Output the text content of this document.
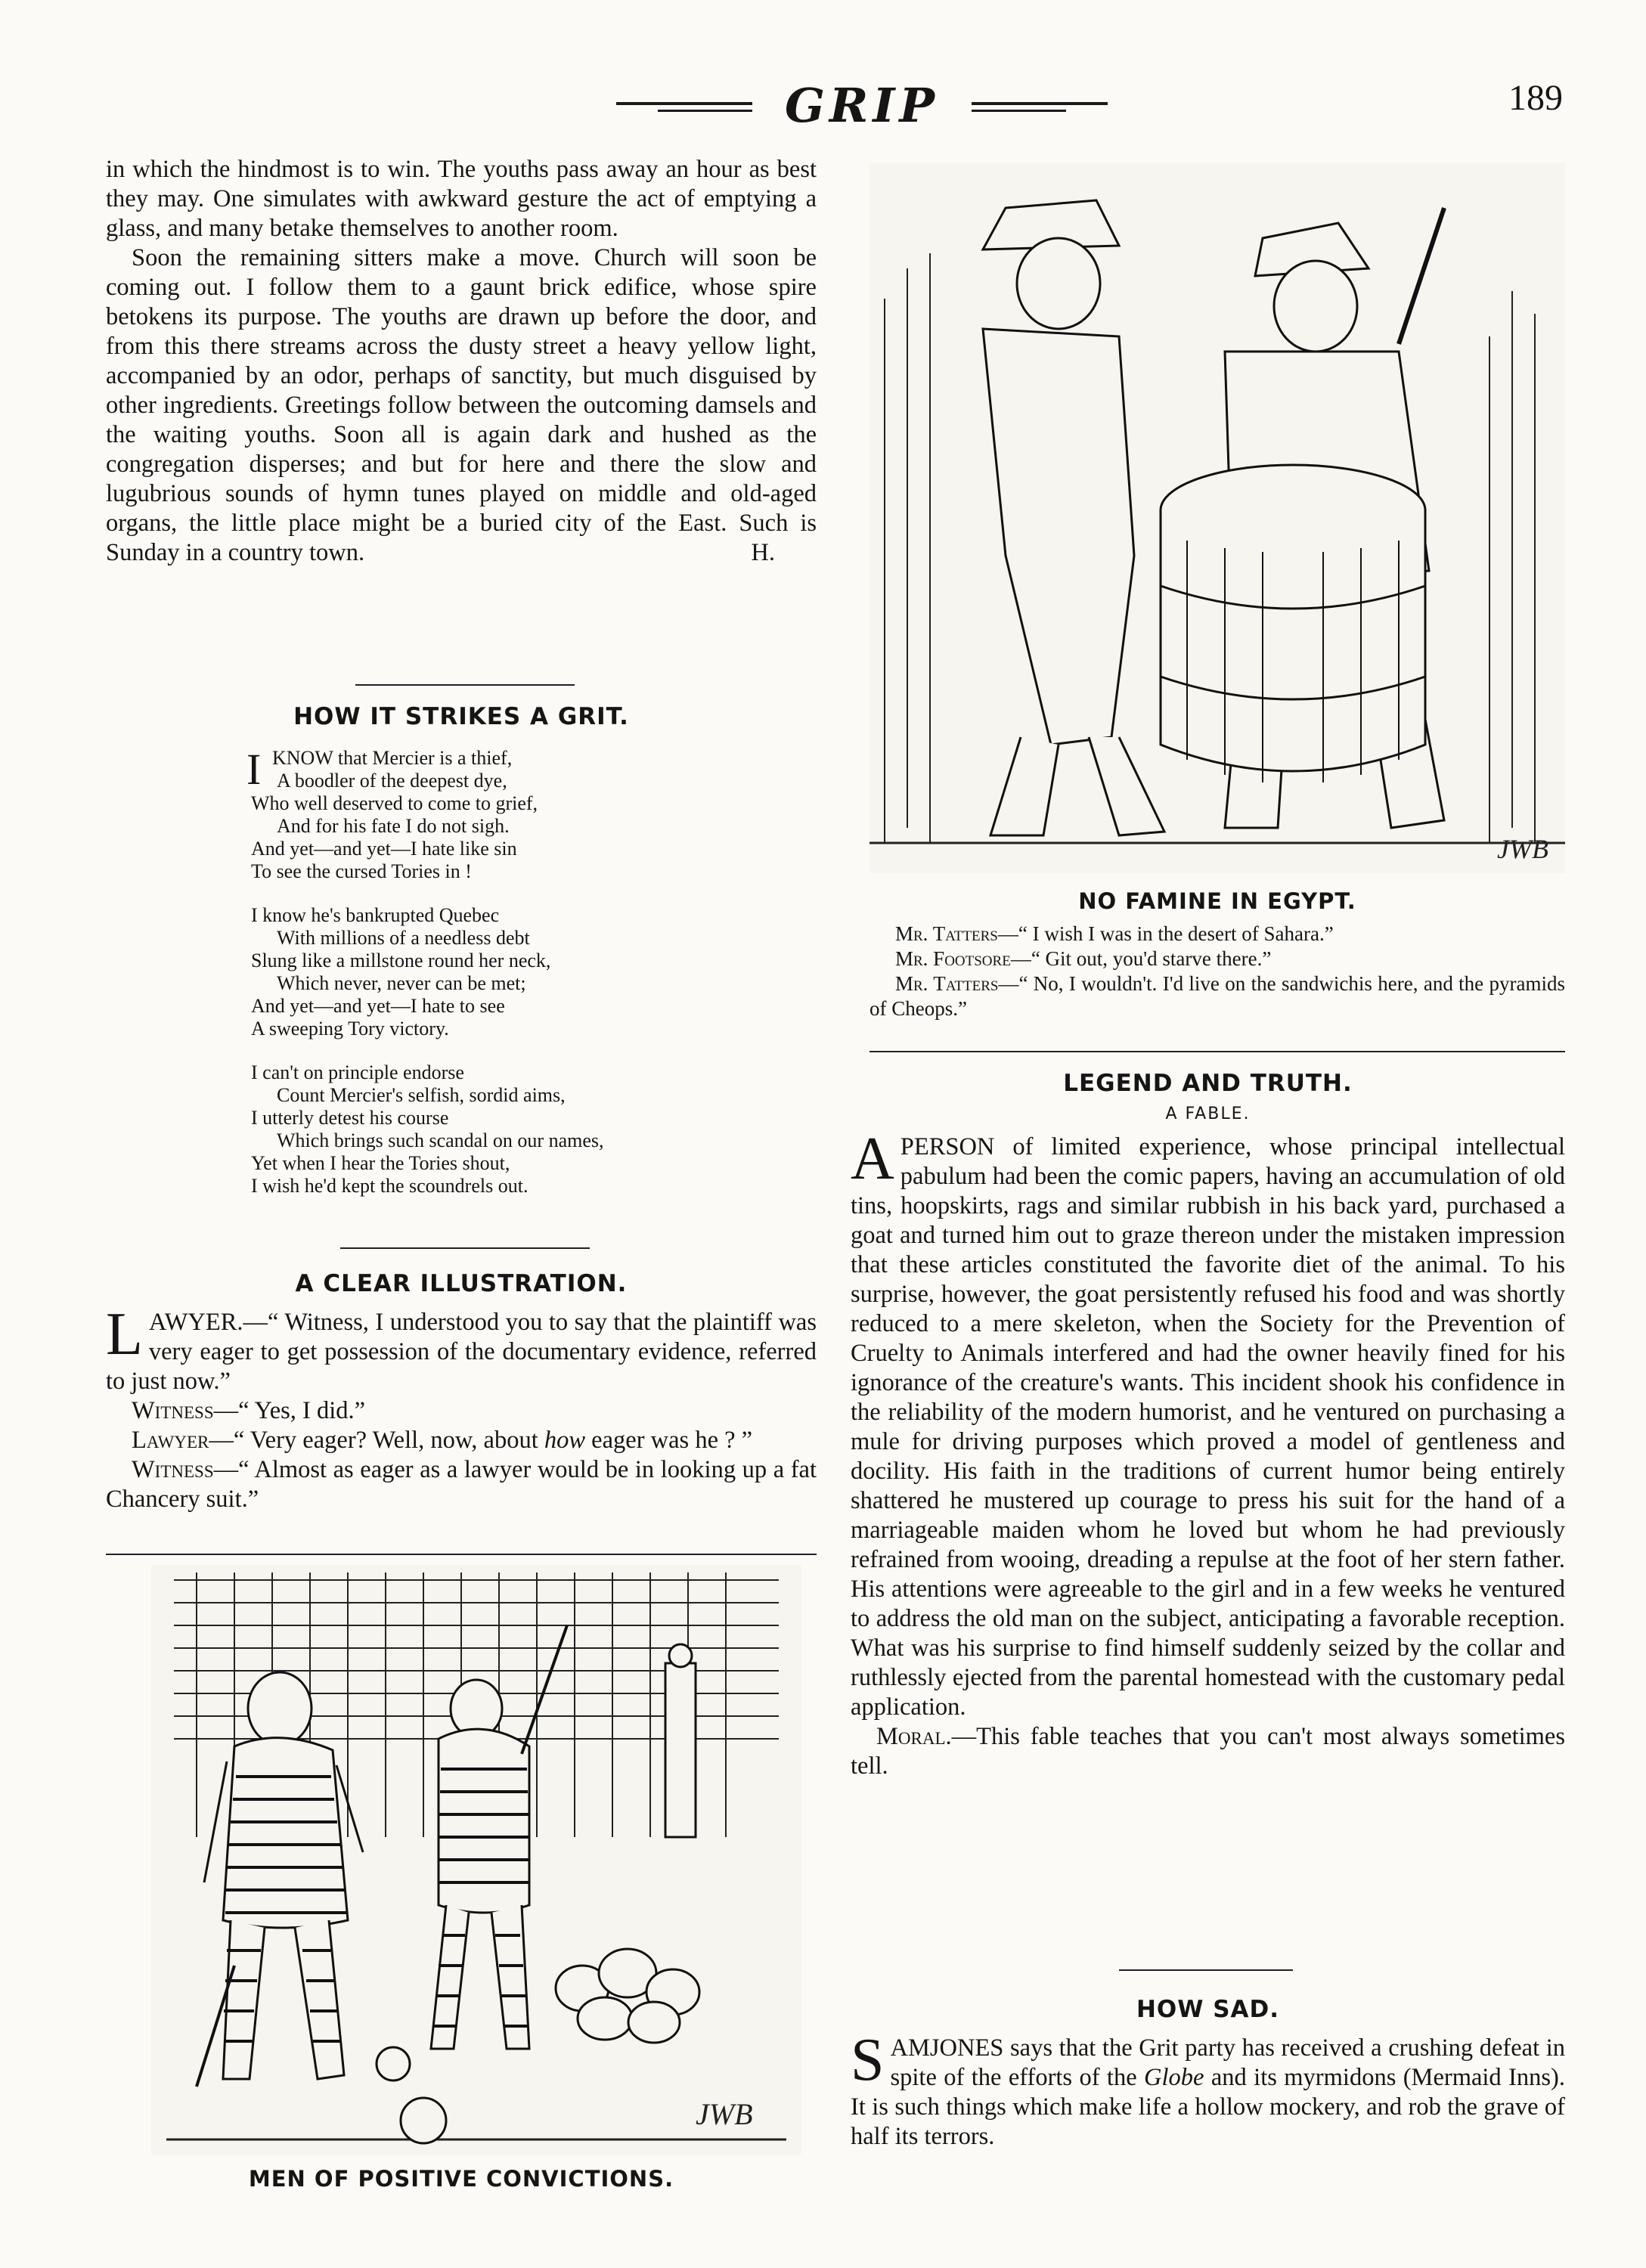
GRIP	189

in which the hindmost is to win. The youths pass away an hour as best they may. One simulates with awkward gesture the act of emptying a glass, and many betake themselves to another room.

Soon the remaining sitters make a move. Church will soon be coming out. I follow them to a gaunt brick edifice, whose spire betokens its purpose. The youths are drawn up before the door, and from this there streams across the dusty street a heavy yellow light, accompanied by an odor, perhaps of sanctity, but much disguised by other ingredients. Greetings follow between the outcoming damsels and the waiting youths. Soon all is again dark and hushed as the congregation disperses; and but for here and there the slow and lugubrious sounds of hymn tunes played on middle and old-aged organs, the little place might be a buried city of the East. Such is Sunday in a country town.	H.
HOW IT STRIKES A GRIT.
I KNOW that Mercier is a thief,
A boodler of the deepest dye,
Who well deserved to come to grief,
And for his fate I do not sigh.
And yet—and yet—I hate like sin
To see the cursed Tories in !
I know he's bankrupted Quebec
With millions of a needless debt
Slung like a millstone round her neck,
Which never, never can be met;
And yet—and yet—I hate to see
A sweeping Tory victory.
I can't on principle endorse
Count Mercier's selfish, sordid aims,
I utterly detest his course
Which brings such scandal on our names,
Yet when I hear the Tories shout,
I wish he'd kept the scoundrels out.
A CLEAR ILLUSTRATION.

LAWYER.—“ Witness, I understood you to say that the plaintiff was very eager to get possession of the documentary evidence, referred to just now.”

Witness—“ Yes, I did.”

Lawyer—“ Very eager? Well, now, about how eager was he ? ”

Witness—“ Almost as eager as a lawyer would be in looking up a fat Chancery suit.”

JWB
MEN OF POSITIVE CONVICTIONS.
JWB
NO FAMINE IN EGYPT.

Mr. Tatters—“ I wish I was in the desert of Sahara.”

Mr. Footsore—“ Git out, you'd starve there.”

Mr. Tatters—“ No, I wouldn't. I'd live on the sandwichis here, and the pyramids of Cheops.”

LEGEND AND TRUTH.
A FABLE.

APERSON of limited experience, whose principal intellectual pabulum had been the comic papers, having an accumulation of old tins, hoopskirts, rags and similar rubbish in his back yard, purchased a goat and turned him out to graze thereon under the mistaken impression that these articles constituted the favorite diet of the animal. To his surprise, however, the goat persistently refused his food and was shortly reduced to a mere skeleton, when the Society for the Prevention of Cruelty to Animals interfered and had the owner heavily fined for his ignorance of the creature's wants. This incident shook his confidence in the reliability of the modern humorist, and he ventured on purchasing a mule for driving purposes which proved a model of gentleness and docility. His faith in the traditions of current humor being entirely shattered he mustered up courage to press his suit for the hand of a marriageable maiden whom he loved but whom he had previously refrained from wooing, dreading a repulse at the foot of her stern father. His attentions were agreeable to the girl and in a few weeks he ventured to address the old man on the subject, anticipating a favorable reception. What was his surprise to find himself suddenly seized by the collar and ruthlessly ejected from the parental homestead with the customary pedal application.

Moral.—This fable teaches that you can't most always sometimes tell.

HOW SAD.

SAMJONES says that the Grit party has received a crushing defeat in spite of the efforts of the Globe and its myrmidons (Mermaid Inns). It is such things which make life a hollow mockery, and rob the grave of half its terrors.
